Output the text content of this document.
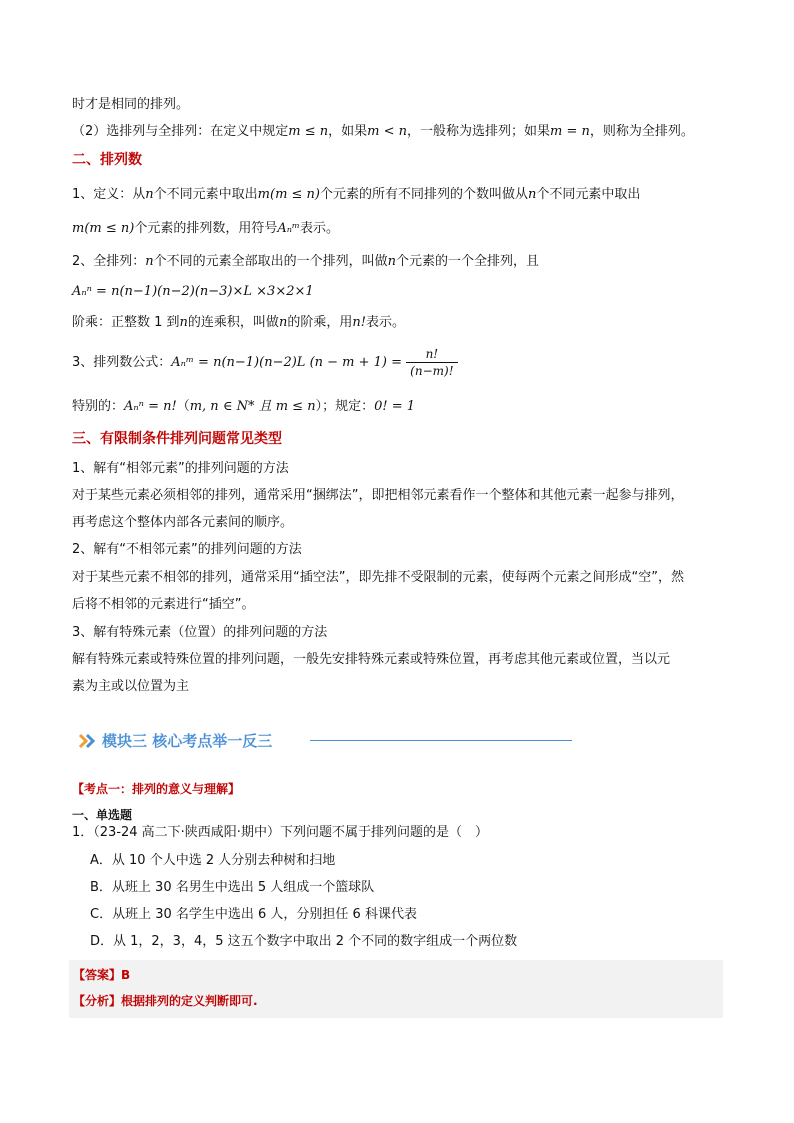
时才是相同的排列。
（2）选排列与全排列：在定义中规定m ≤ n，如果m < n，一般称为选排列；如果m = n，则称为全排列。
二、排列数
1、定义：从n个不同元素中取出m(m ≤ n)个元素的所有不同排列的个数叫做从n个不同元素中取出
m(m ≤ n)个元素的排列数，用符号Aₙᵐ表示。
2、全排列：n个不同的元素全部取出的一个排列，叫做n个元素的一个全排列，且
Aₙⁿ = n(n−1)(n−2)(n−3)×L ×3×2×1
阶乘：正整数 1 到n的连乘积，叫做n的阶乘，用n!表示。
3、排列数公式：Aₙᵐ = n(n−1)(n−2)L $(n - m + 1) = \frac{n!}{(n-m)!}$
特别的：Aₙⁿ = n!（m, n ∈ N* 且 m ≤ n）；规定：0! = 1
三、有限制条件排列问题常见类型
1、解有“相邻元素”的排列问题的方法
对于某些元素必须相邻的排列，通常采用“捆绑法”，即把相邻元素看作一个整体和其他元素一起参与排列，
再考虑这个整体内部各元素间的顺序。
2、解有“不相邻元素”的排列问题的方法
对于某些元素不相邻的排列，通常采用“插空法”，即先排不受限制的元素，使每两个元素之间形成“空”，然
后将不相邻的元素进行“插空”。
3、解有特殊元素（位置）的排列问题的方法
解有特殊元素或特殊位置的排列问题，一般先安排特殊元素或特殊位置，再考虑其他元素或位置，当以元
素为主或以位置为主
模块三 核心考点举一反三
【考点一：排列的意义与理解】
一、单选题
1．（23-24 高二下·陕西咸阳·期中）下列问题不属于排列问题的是（　）
A．从 10 个人中选 2 人分别去种树和扫地
B．从班上 30 名男生中选出 5 人组成一个篮球队
C．从班上 30 名学生中选出 6 人，分别担任 6 科课代表
D．从 1，2，3，4，5 这五个数字中取出 2 个不同的数字组成一个两位数
【答案】B
【分析】根据排列的定义判断即可.
